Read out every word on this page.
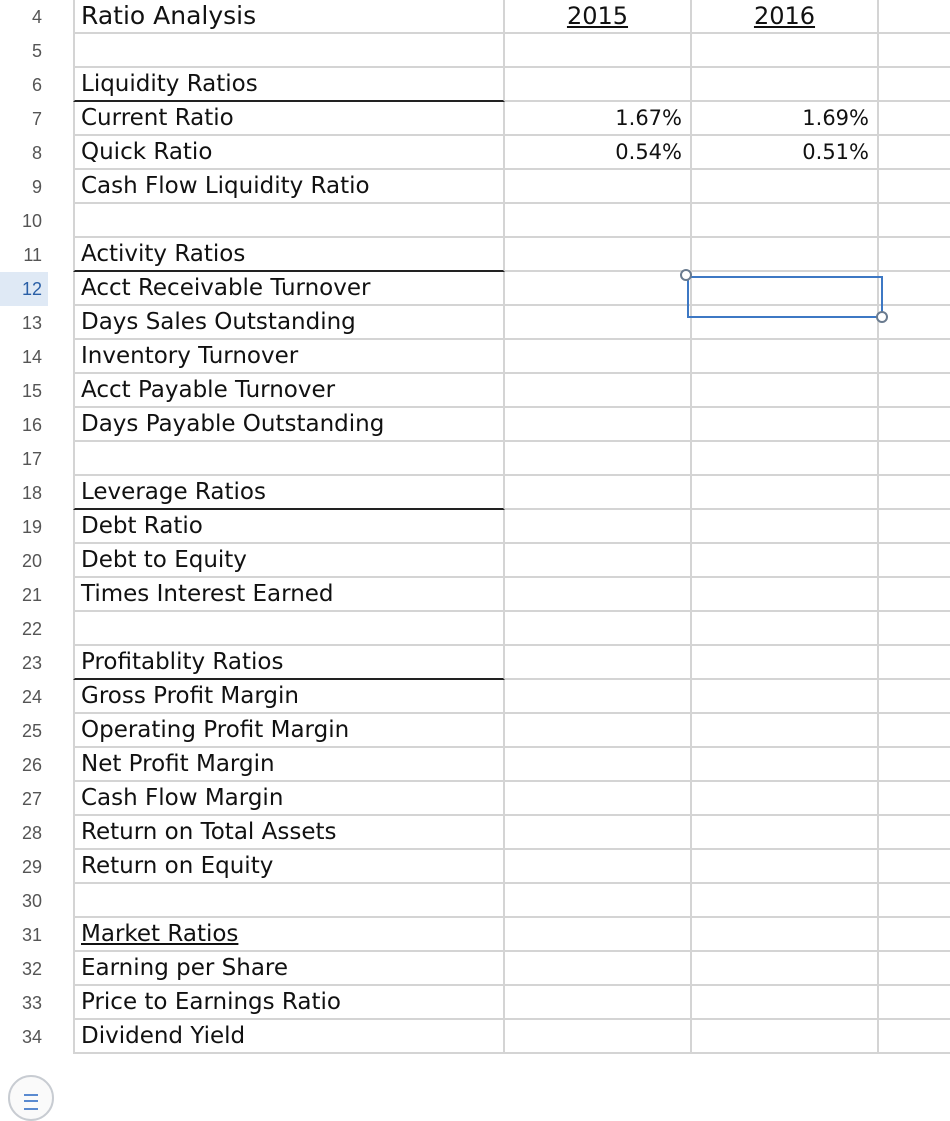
4	Ratio Analysis	2015	2016
5
6	Liquidity Ratios
7	Current Ratio	1.67%	1.69%
8	Quick Ratio	0.54%	0.51%
9	Cash Flow Liquidity Ratio
10
11	Activity Ratios
12	Acct Receivable Turnover
13	Days Sales Outstanding
14	Inventory Turnover
15	Acct Payable Turnover
16	Days Payable Outstanding
17
18	Leverage Ratios
19	Debt Ratio
20	Debt to Equity
21	Times Interest Earned
22
23	Profitablity Ratios
24	Gross Profit Margin
25	Operating Profit Margin
26	Net Profit Margin
27	Cash Flow Margin
28	Return on Total Assets
29	Return on Equity
30
31	Market Ratios
32	Earning per Share
33	Price to Earnings Ratio
34	Dividend Yield
